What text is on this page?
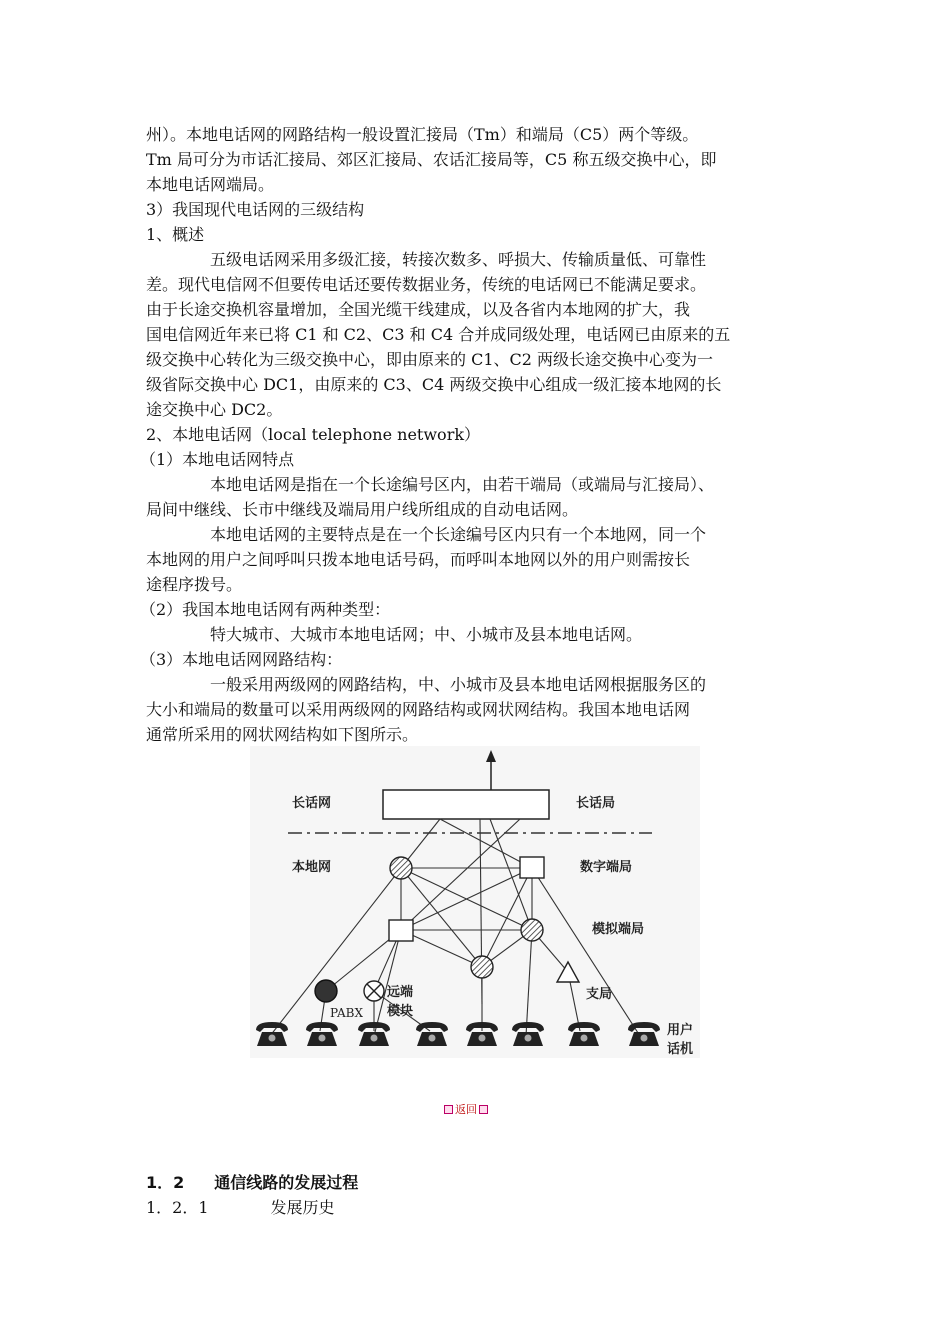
州）。本地电话网的网路结构一般设置汇接局（Tm）和端局（C5）两个等级。
Tm 局可分为市话汇接局、郊区汇接局、农话汇接局等，C5 称五级交换中心，即
本地电话网端局。
3）我国现代电话网的三级结构
1、概述
五级电话网采用多级汇接，转接次数多、呼损大、传输质量低、可靠性
差。现代电信网不但要传电话还要传数据业务，传统的电话网已不能满足要求。
由于长途交换机容量增加，全国光缆干线建成，以及各省内本地网的扩大，我
国电信网近年来已将 C1 和 C2、C3 和 C4 合并成同级处理，电话网已由原来的五
级交换中心转化为三级交换中心，即由原来的 C1、C2 两级长途交换中心变为一
级省际交换中心 DC1，由原来的 C3、C4 两级交换中心组成一级汇接本地网的长
途交换中心 DC2。
2、本地电话网（local telephone network）
（1）本地电话网特点
本地电话网是指在一个长途编号区内，由若干端局（或端局与汇接局）、
局间中继线、长市中继线及端局用户线所组成的自动电话网。
本地电话网的主要特点是在一个长途编号区内只有一个本地网，同一个
本地网的用户之间呼叫只拨本地电话号码，而呼叫本地网以外的用户则需按长
途程序拨号。
（2）我国本地电话网有两种类型：
特大城市、大城市本地电话网；中、小城市及县本地电话网。
（3）本地电话网网路结构：
一般采用两级网的网路结构，中、小城市及县本地电话网根据服务区的
大小和端局的数量可以采用两级网的网路结构或网状网结构。我国本地电话网
通常所采用的网状网结构如下图所示。
长话网	长话局
本地网	数字端局
模拟端局
支局
远端
模块
PABX
用户
话机
返回
1．2 通信线路的发展过程
1．2．1	发展历史
